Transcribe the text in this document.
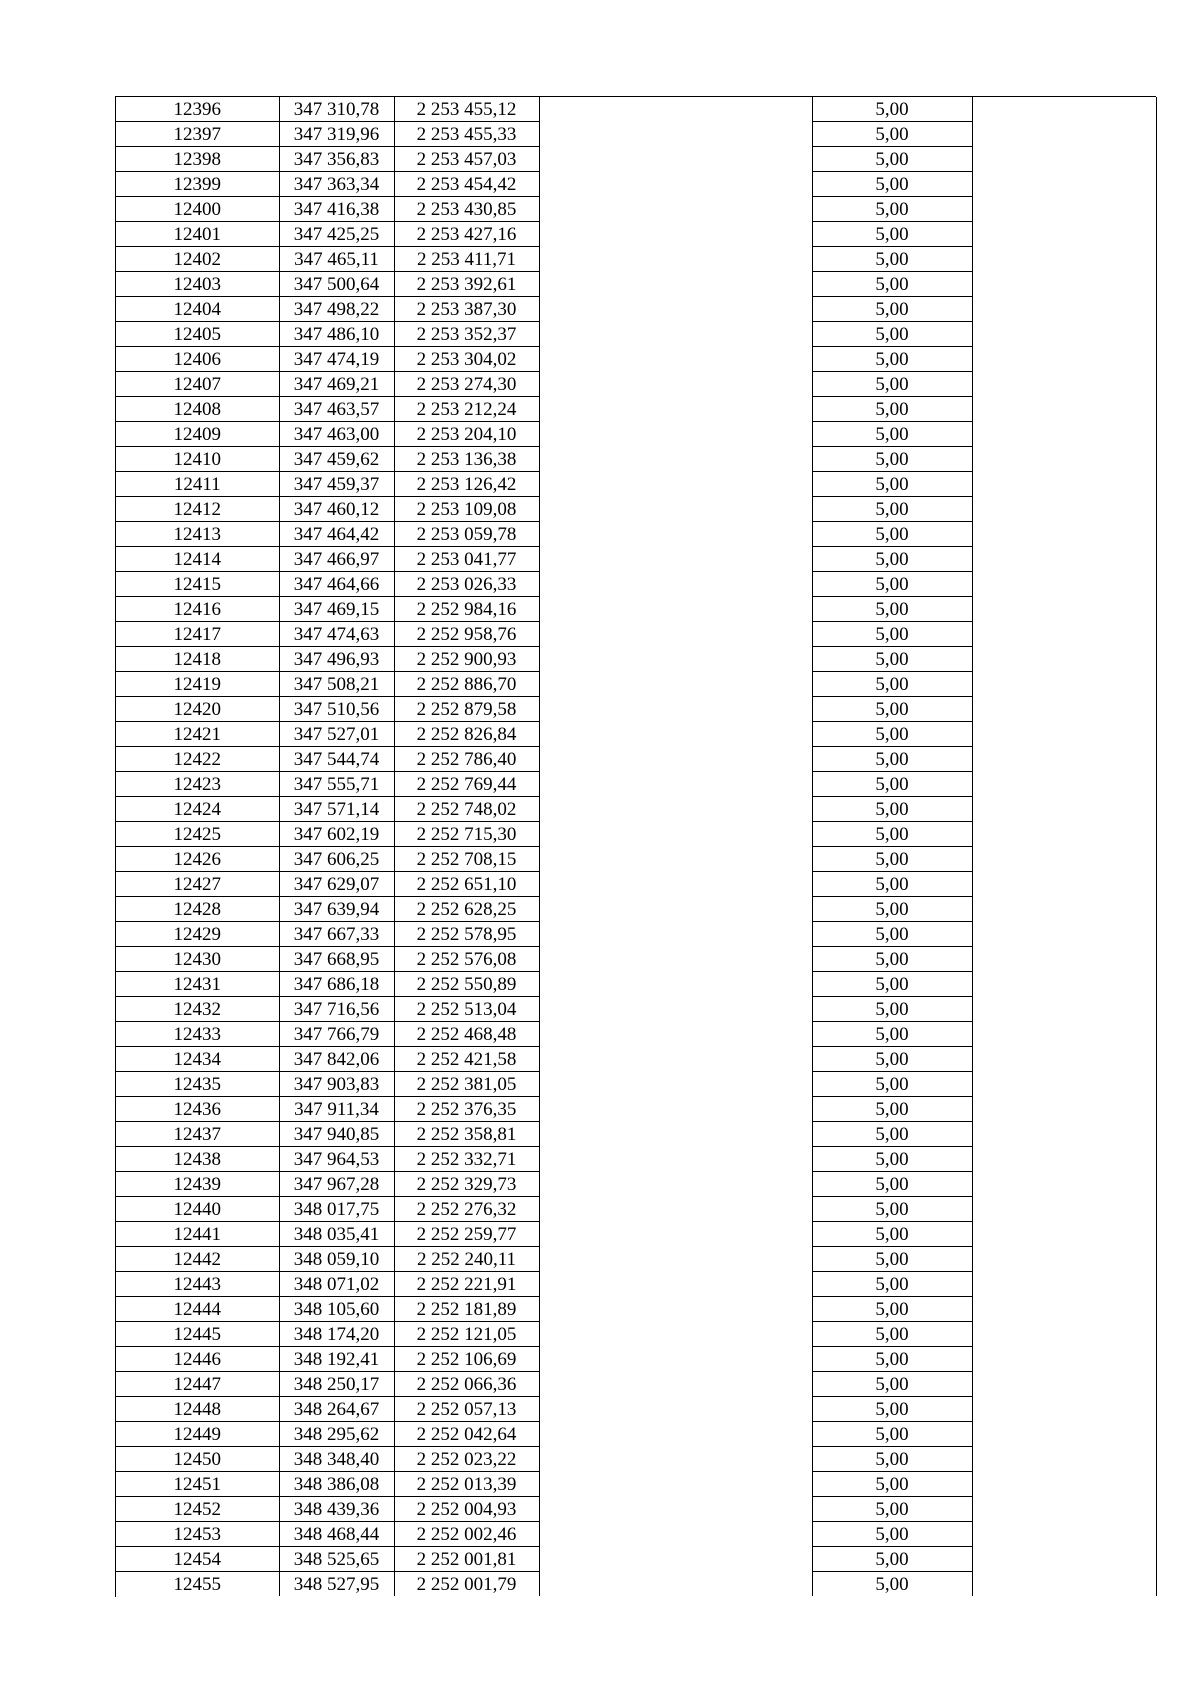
12396	347 310,78	2 253 455,12		5,00	
12397	347 319,96	2 253 455,33		5,00	
12398	347 356,83	2 253 457,03		5,00	
12399	347 363,34	2 253 454,42		5,00	
12400	347 416,38	2 253 430,85		5,00	
12401	347 425,25	2 253 427,16		5,00	
12402	347 465,11	2 253 411,71		5,00	
12403	347 500,64	2 253 392,61		5,00	
12404	347 498,22	2 253 387,30		5,00	
12405	347 486,10	2 253 352,37		5,00	
12406	347 474,19	2 253 304,02		5,00	
12407	347 469,21	2 253 274,30		5,00	
12408	347 463,57	2 253 212,24		5,00	
12409	347 463,00	2 253 204,10		5,00	
12410	347 459,62	2 253 136,38		5,00	
12411	347 459,37	2 253 126,42		5,00	
12412	347 460,12	2 253 109,08		5,00	
12413	347 464,42	2 253 059,78		5,00	
12414	347 466,97	2 253 041,77		5,00	
12415	347 464,66	2 253 026,33		5,00	
12416	347 469,15	2 252 984,16		5,00	
12417	347 474,63	2 252 958,76		5,00	
12418	347 496,93	2 252 900,93		5,00	
12419	347 508,21	2 252 886,70		5,00	
12420	347 510,56	2 252 879,58		5,00	
12421	347 527,01	2 252 826,84		5,00	
12422	347 544,74	2 252 786,40		5,00	
12423	347 555,71	2 252 769,44		5,00	
12424	347 571,14	2 252 748,02		5,00	
12425	347 602,19	2 252 715,30		5,00	
12426	347 606,25	2 252 708,15		5,00	
12427	347 629,07	2 252 651,10		5,00	
12428	347 639,94	2 252 628,25		5,00	
12429	347 667,33	2 252 578,95		5,00	
12430	347 668,95	2 252 576,08		5,00	
12431	347 686,18	2 252 550,89		5,00	
12432	347 716,56	2 252 513,04		5,00	
12433	347 766,79	2 252 468,48		5,00	
12434	347 842,06	2 252 421,58		5,00	
12435	347 903,83	2 252 381,05		5,00	
12436	347 911,34	2 252 376,35		5,00	
12437	347 940,85	2 252 358,81		5,00	
12438	347 964,53	2 252 332,71		5,00	
12439	347 967,28	2 252 329,73		5,00	
12440	348 017,75	2 252 276,32		5,00	
12441	348 035,41	2 252 259,77		5,00	
12442	348 059,10	2 252 240,11		5,00	
12443	348 071,02	2 252 221,91		5,00	
12444	348 105,60	2 252 181,89		5,00	
12445	348 174,20	2 252 121,05		5,00	
12446	348 192,41	2 252 106,69		5,00	
12447	348 250,17	2 252 066,36		5,00	
12448	348 264,67	2 252 057,13		5,00	
12449	348 295,62	2 252 042,64		5,00	
12450	348 348,40	2 252 023,22		5,00	
12451	348 386,08	2 252 013,39		5,00	
12452	348 439,36	2 252 004,93		5,00	
12453	348 468,44	2 252 002,46		5,00	
12454	348 525,65	2 252 001,81		5,00	
12455	348 527,95	2 252 001,79		5,00	
